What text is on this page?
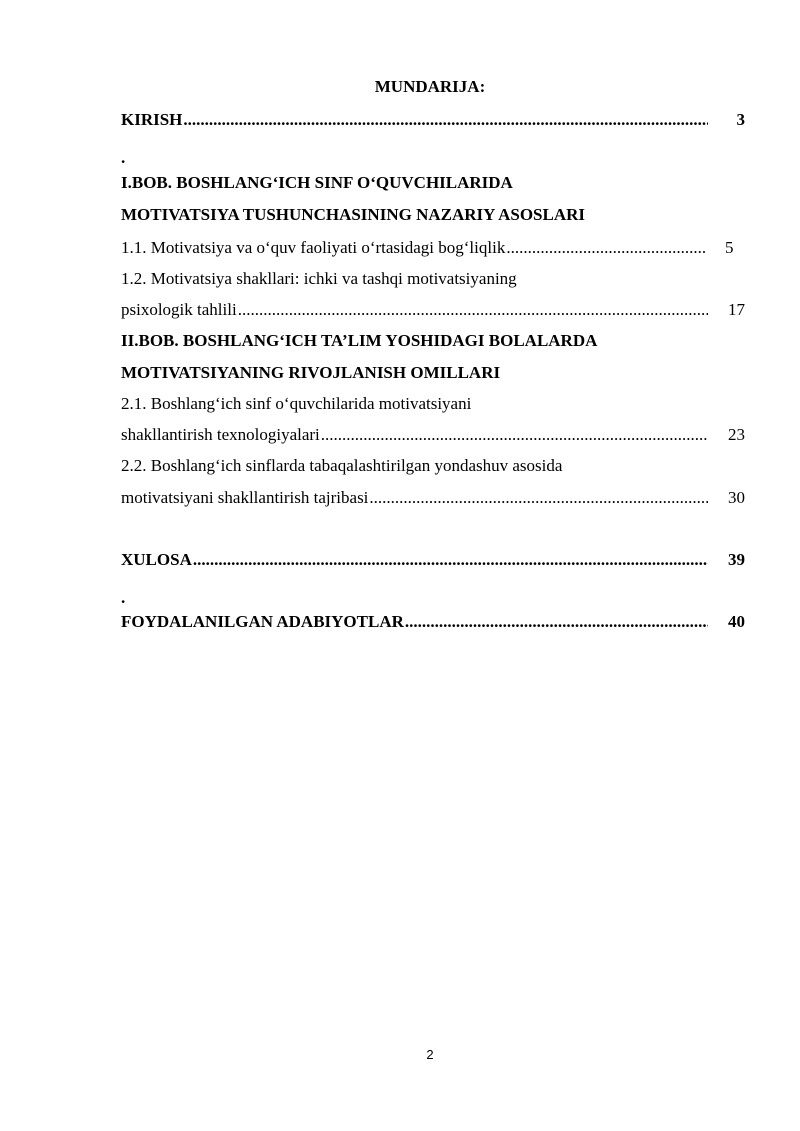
MUNDARIJA:
KIRISH .....	3
.
I.BOB. BOSHLANG‘ICH SINF O‘QUVCHILARIDA
MOTIVATSIYA TUSHUNCHASINING NAZARIY ASOSLARI
1.1. Motivatsiya va o‘quv faoliyati o‘rtasidagi bog‘liqlik .....	5
1.2. Motivatsiya shakllari: ichki va tashqi motivatsiyaning
psixologik tahlili .....	17
II.BOB. BOSHLANG‘ICH TA’LIM YOSHIDAGI BOLALARDA
MOTIVATSIYANING RIVOJLANISH OMILLARI
2.1. Boshlang‘ich sinf o‘quvchilarida motivatsiyani
shakllantirish texnologiyalari .....	23
2.2. Boshlang‘ich sinflarda tabaqalashtirilgan yondashuv asosida
motivatsiyani shakllantirish tajribasi .....	30
XULOSA .....	39
.
FOYDALANILGAN ADABIYOTLAR .....	40
2
